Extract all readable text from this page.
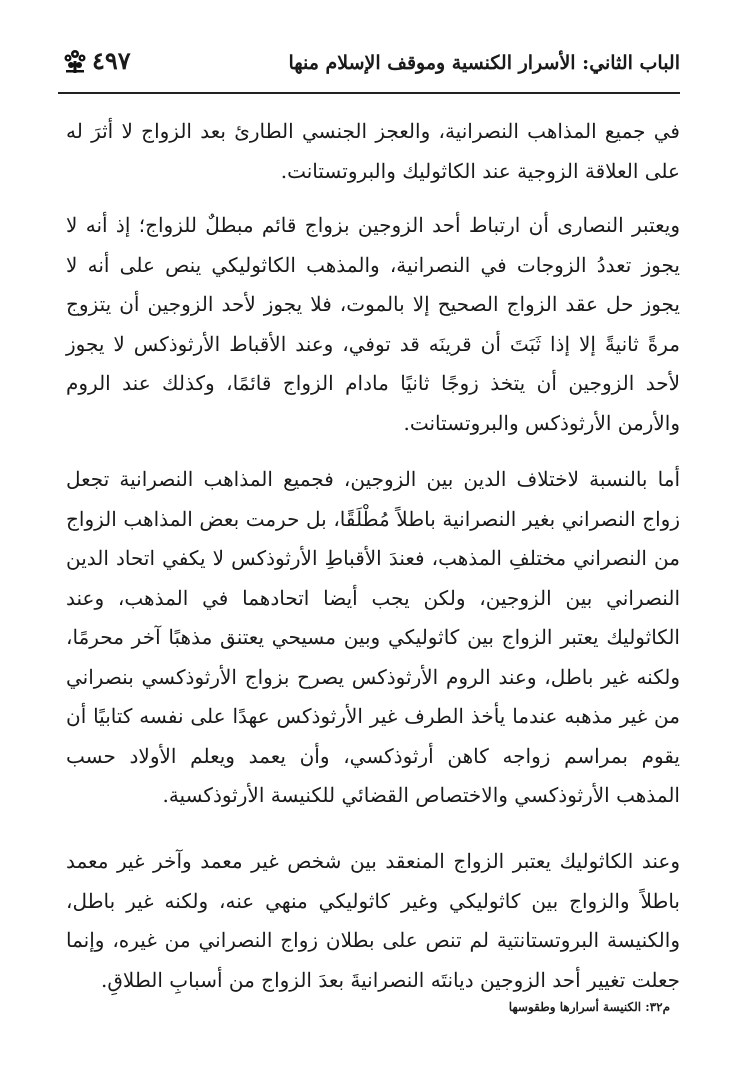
الباب الثاني: الأسرار الكنسية وموقف الإسلام منها
٤٩٧

في جميع المذاهب النصرانية، والعجز الجنسي الطارئ بعد الزواج لا أثرَ له على العلاقة الزوجية عند الكاثوليك والبروتستانت.

ويعتبر النصارى أن ارتباط أحد الزوجين بزواج قائم مبطلٌ للزواج؛ إذ أنه لا يجوز تعددُ الزوجات في النصرانية، والمذهب الكاثوليكي ينص على أنه لا يجوز حل عقد الزواج الصحيح إلا بالموت، فلا يجوز لأحد الزوجين أن يتزوج مرةً ثانيةً إلا إذا ثَبَتَ أن قرينَه قد توفي، وعند الأقباط الأرثوذكس لا يجوز لأحد الزوجين أن يتخذ زوجًا ثانيًا مادام الزواج قائمًا، وكذلك عند الروم والأرمن الأرثوذكس والبروتستانت.

أما بالنسبة لاختلاف الدين بين الزوجين، فجميع المذاهب النصرانية تجعل زواج النصراني بغير النصرانية باطلاً مُطْلَقًا، بل حرمت بعض المذاهب الزواج من النصراني مختلفِ المذهب، فعندَ الأقباطِ الأرثوذكس لا يكفي اتحاد الدين النصراني بين الزوجين، ولكن يجب أيضا اتحادهما في المذهب، وعند الكاثوليك يعتبر الزواج بين كاثوليكي وبين مسيحي يعتنق مذهبًا آخر محرمًا، ولكنه غير باطل، وعند الروم الأرثوذكس يصرح بزواج الأرثوذكسي بنصراني من غير مذهبه عندما يأخذ الطرف غير الأرثوذكس عهدًا على نفسه كتابيًا أن يقوم بمراسم زواجه كاهن أرثوذكسي، وأن يعمد ويعلم الأولاد حسب المذهب الأرثوذكسي والاختصاص القضائي للكنيسة الأرثوذكسية.

وعند الكاثوليك يعتبر الزواج المنعقد بين شخص غير معمد وآخر غير معمد باطلاً والزواج بين كاثوليكي وغير كاثوليكي منهي عنه، ولكنه غير باطل، والكنيسة البروتستانتية لم تنص على بطلان زواج النصراني من غيره، وإنما جعلت تغيير أحد الزوجين ديانتَه النصرانيةَ بعدَ الزواج من أسبابِ الطلاقِ.

م٣٢: الكنيسة أسرارها وطقوسها
